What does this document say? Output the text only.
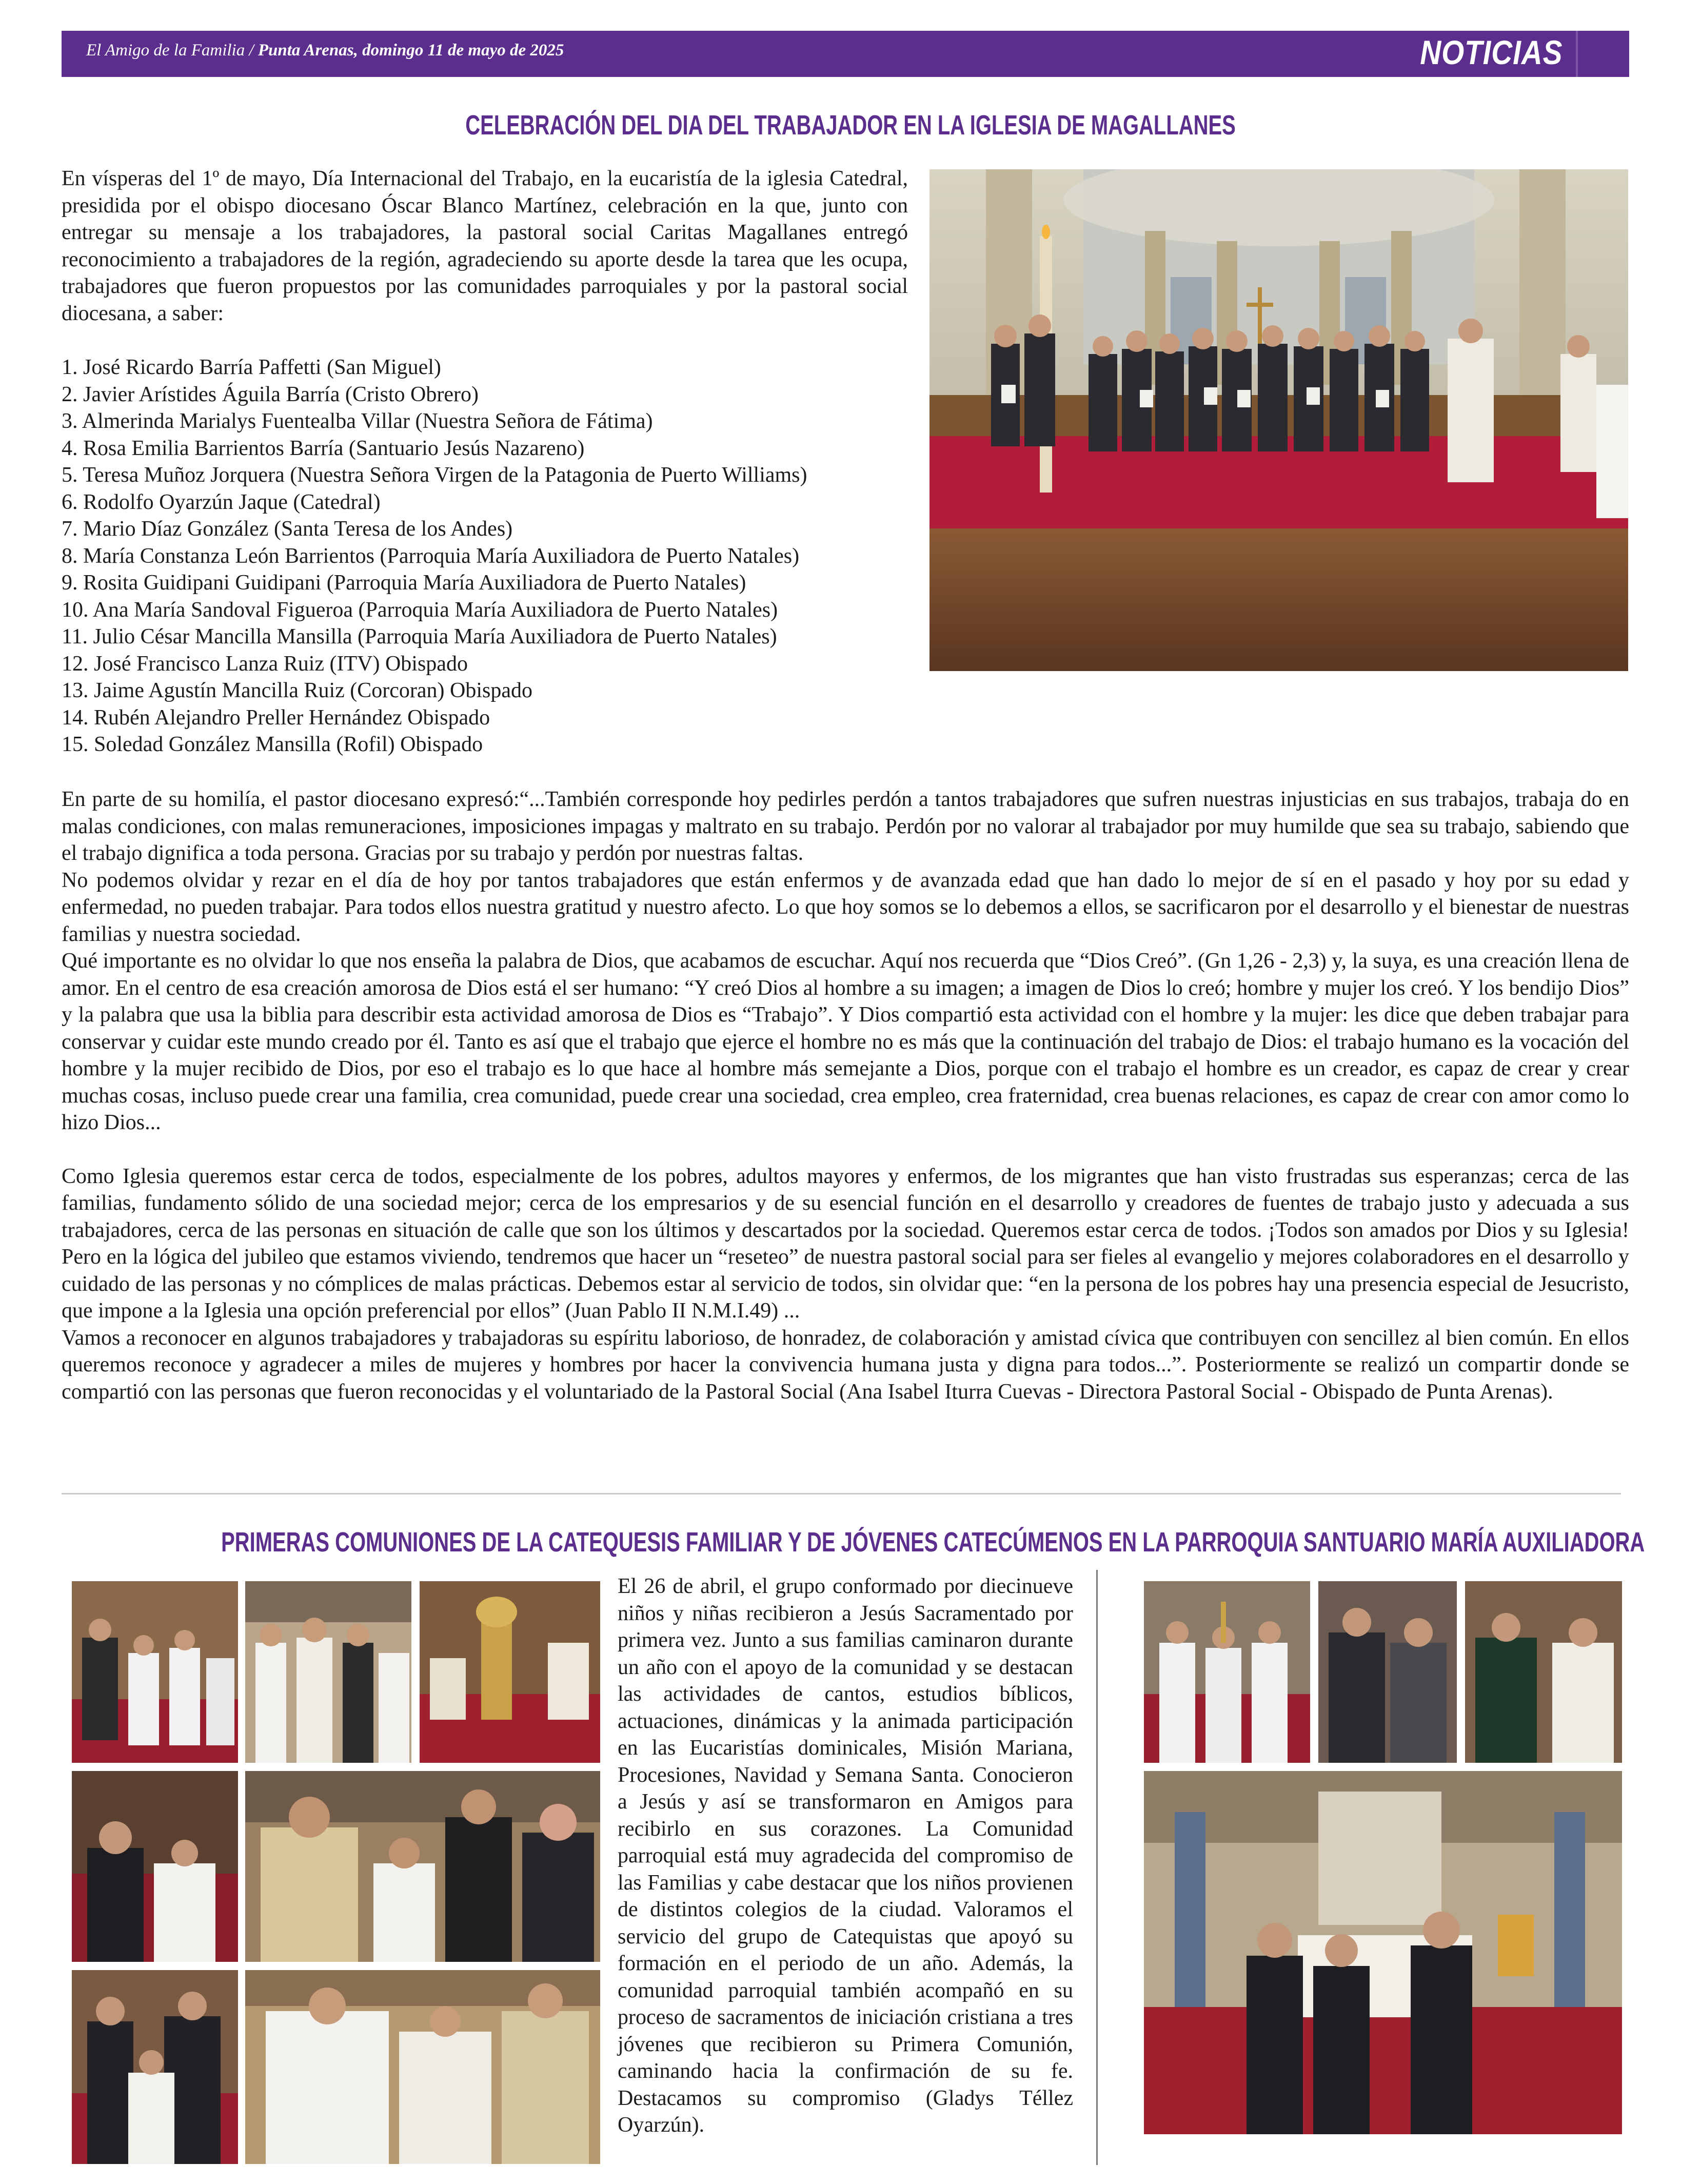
El Amigo de la Familia / Punta Arenas, domingo 11 de mayo de 2025	NOTICIAS
CELEBRACIÓN DEL DIA DEL TRABAJADOR EN LA IGLESIA DE MAGALLANES

En vísperas del 1º de mayo, Día Internacional del Trabajo, en la eucaristía de la iglesia Catedral, presidida por el obispo diocesano Óscar Blanco Martínez, celebración en la que, junto con entregar su mensaje a los trabajadores, la pastoral social Caritas Magallanes entregó reconocimiento a trabajadores de la región, agradeciendo su aporte desde la tarea que les ocupa, trabajadores que fueron propuestos por las comunidades parroquiales y por la pastoral social diocesana, a saber:

1. José Ricardo Barría Paffetti (San Miguel)
2. Javier Arístides Águila Barría (Cristo Obrero)
3. Almerinda Marialys Fuentealba Villar (Nuestra Señora de Fátima)
4. Rosa Emilia Barrientos Barría (Santuario Jesús Nazareno)
5. Teresa Muñoz Jorquera (Nuestra Señora Virgen de la Patagonia de Puerto Williams)
6. Rodolfo Oyarzún Jaque (Catedral)
7. Mario Díaz González (Santa Teresa de los Andes)
8. María Constanza León Barrientos (Parroquia María Auxiliadora de Puerto Natales)
9. Rosita Guidipani Guidipani (Parroquia María Auxiliadora de Puerto Natales)
10. Ana María Sandoval Figueroa (Parroquia María Auxiliadora de Puerto Natales)
11. Julio César Mancilla Mansilla (Parroquia María Auxiliadora de Puerto Natales)
12. José Francisco Lanza Ruiz (ITV) Obispado
13. Jaime Agustín Mancilla Ruiz (Corcoran) Obispado
14. Rubén Alejandro Preller Hernández Obispado
15. Soledad González Mansilla (Rofil) Obispado

En parte de su homilía, el pastor diocesano expresó:“...También corresponde hoy pedirles perdón a tantos trabajadores que sufren nuestras injusticias en sus trabajos, trabaja do en malas condiciones, con malas remuneraciones, imposiciones impagas y maltrato en su trabajo. Perdón por no valorar al trabajador por muy humilde que sea su trabajo, sabiendo que el trabajo dignifica a toda persona. Gracias por su trabajo y perdón por nuestras faltas.

No podemos olvidar y rezar en el día de hoy por tantos trabajadores que están enfermos y de avanzada edad que han dado lo mejor de sí en el pasado y hoy por su edad y enfermedad, no pueden trabajar. Para todos ellos nuestra gratitud y nuestro afecto. Lo que hoy somos se lo debemos a ellos, se sacrificaron por el desarrollo y el bienestar de nuestras familias y nuestra sociedad.

Qué importante es no olvidar lo que nos enseña la palabra de Dios, que acabamos de escuchar. Aquí nos recuerda que “Dios Creó”. (Gn 1,26 - 2,3) y, la suya, es una creación llena de amor. En el centro de esa creación amorosa de Dios está el ser humano: “Y creó Dios al hombre a su imagen; a imagen de Dios lo creó; hombre y mujer los creó. Y los bendijo Dios” y la palabra que usa la biblia para describir esta actividad amorosa de Dios es “Trabajo”. Y Dios compartió esta actividad con el hombre y la mujer: les dice que deben trabajar para conservar y cuidar este mundo creado por él. Tanto es así que el trabajo que ejerce el hombre no es más que la continuación del trabajo de Dios: el trabajo humano es la vocación del hombre y la mujer recibido de Dios, por eso el trabajo es lo que hace al hombre más semejante a Dios, porque con el trabajo el hombre es un creador, es capaz de crear y crear muchas cosas, incluso puede crear una familia, crea comunidad, puede crear una sociedad, crea empleo, crea fraternidad, crea buenas relaciones, es capaz de crear con amor como lo hizo Dios...

Como Iglesia queremos estar cerca de todos, especialmente de los pobres, adultos mayores y enfermos, de los migrantes que han visto frustradas sus esperanzas; cerca de las familias, fundamento sólido de una sociedad mejor; cerca de los empresarios y de su esencial función en el desarrollo y creadores de fuentes de trabajo justo y adecuada a sus trabajadores, cerca de las personas en situación de calle que son los últimos y descartados por la sociedad. Queremos estar cerca de todos. ¡Todos son amados por Dios y su Iglesia! Pero en la lógica del jubileo que estamos viviendo, tendremos que hacer un “reseteo” de nuestra pastoral social para ser fieles al evangelio y mejores colaboradores en el desarrollo y cuidado de las personas y no cómplices de malas prácticas. Debemos estar al servicio de todos, sin olvidar que: “en la persona de los pobres hay una presencia especial de Jesucristo, que impone a la Iglesia una opción preferencial por ellos” (Juan Pablo II N.M.I.49) ...

Vamos a reconocer en algunos trabajadores y trabajadoras su espíritu laborioso, de honradez, de colaboración y amistad cívica que contribuyen con sencillez al bien común. En ellos queremos reconoce y agradecer a miles de mujeres y hombres por hacer la convivencia humana justa y digna para todos...”. Posteriormente se realizó un compartir donde se compartió con las personas que fueron reconocidas y el voluntariado de la Pastoral Social (Ana Isabel Iturra Cuevas - Directora Pastoral Social - Obispado de Punta Arenas).

PRIMERAS COMUNIONES DE LA CATEQUESIS FAMILIAR Y DE JÓVENES CATECÚMENOS EN LA PARROQUIA SANTUARIO MARÍA AUXILIADORA

El 26 de abril, el grupo conformado por diecinueve niños y niñas recibieron a Jesús Sacramentado por primera vez. Junto a sus familias caminaron durante un año con el apoyo de la comunidad y se destacan las actividades de cantos, estudios bíblicos, actuaciones, dinámicas y la animada participación en las Eucaristías dominicales, Misión Mariana, Procesiones, Navidad y Semana Santa. Conocieron a Jesús y así se transformaron en Amigos para recibirlo en sus corazones. La Comunidad parroquial está muy agradecida del compromiso de las Familias y cabe destacar que los niños provienen de distintos colegios de la ciudad. Valoramos el servicio del grupo de Catequistas que apoyó su formación en el periodo de un año. Además, la comunidad parroquial también acompañó en su proceso de sacramentos de iniciación cristiana a tres jóvenes que recibieron su Primera Comunión, caminando hacia la confirmación de su fe. Destacamos su compromiso (Gladys Téllez Oyarzún).
